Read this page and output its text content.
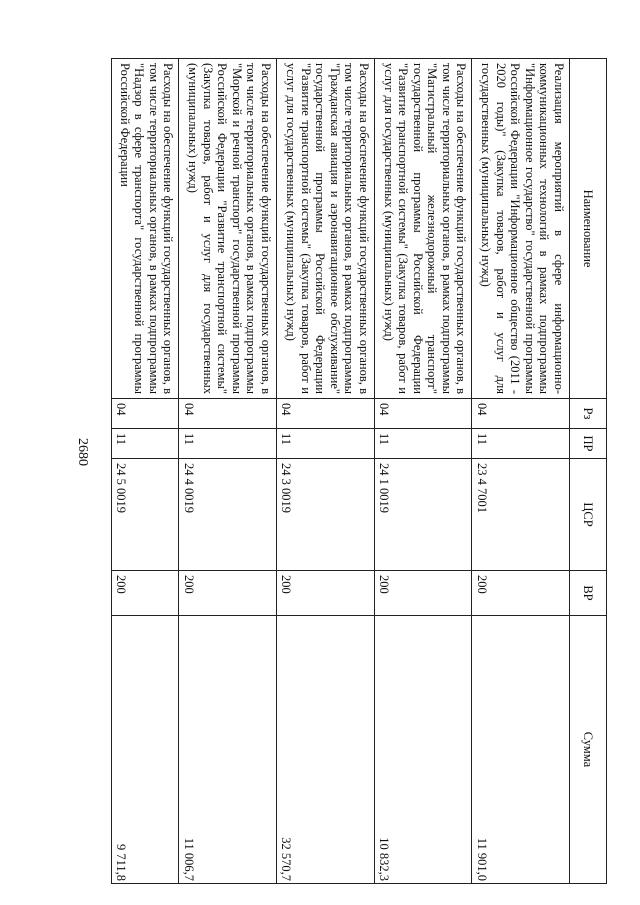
2680
Наименование	Рз	ПР	ЦСР	ВР	Сумма
Реализация мероприятий в сфере информационно-коммуникационных технологий в рамках подпрограммы "Информационное государство" государственной программы Российской Федерации "Информационное общество (2011 - 2020 годы)" (Закупка товаров, работ и услуг для государственных (муниципальных) нужд)	04	11	23 4 7001	200	11 901,0
Расходы на обеспечение функций государственных органов, в том числе территориальных органов, в рамках подпрограммы "Магистральный железнодорожный транспорт" государственной программы Российской Федерации "Развитие транспортной системы" (Закупка товаров, работ и услуг для государственных (муниципальных) нужд)	04	11	24 1 0019	200	10 832,3
Расходы на обеспечение функций государственных органов, в том числе территориальных органов, в рамках подпрограммы "Гражданская авиация и аэронавигационное обслуживание" государственной программы Российской Федерации "Развитие транспортной системы" (Закупка товаров, работ и услуг для государственных (муниципальных) нужд)	04	11	24 3 0019	200	32 570,7
Расходы на обеспечение функций государственных органов, в том числе территориальных органов, в рамках подпрограммы "Морской и речной транспорт" государственной программы Российской Федерации "Развитие транспортной системы" (Закупка товаров, работ и услуг для государственных (муниципальных) нужд)	04	11	24 4 0019	200	11 006,7
Расходы на обеспечение функций государственных органов, в том числе территориальных органов, в рамках подпрограммы "Надзор в сфере транспорта" государственной программы Российской Федерации	04	11	24 5 0019	200	9 711,8
